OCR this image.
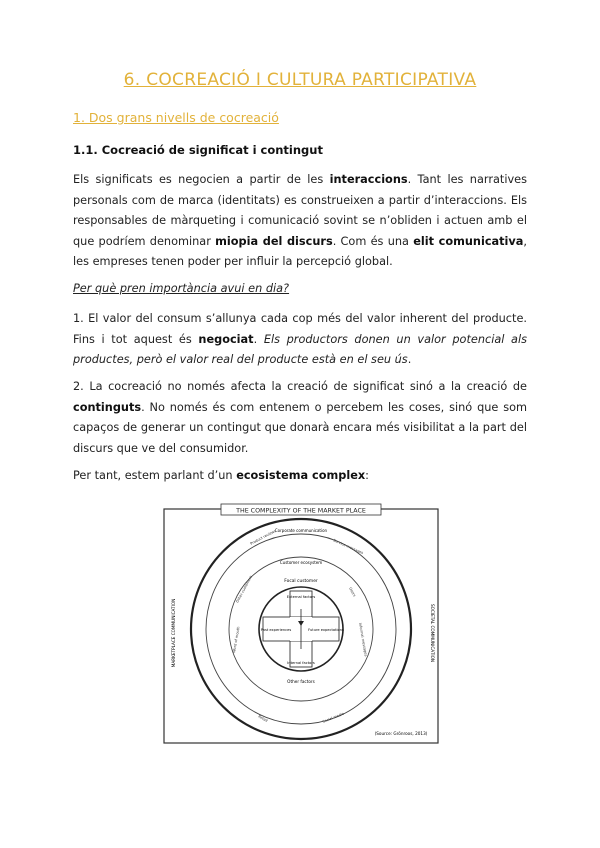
6. COCREACIÓ I CULTURA PARTICIPATIVA
1. Dos grans nivells de cocreació
1.1. Cocreació de significat i contingut
Els significats es negocien a partir de les interaccions. Tant les narratives personals com de marca (identitats) es construeixen a partir d’interaccions. Els responsables de màrqueting i comunicació sovint se n’obliden i actuen amb el que podríem denominar miopia del discurs. Com és una elit comunicativa, les empreses tenen poder per influir la percepció global.
Per què pren importància avui en dia?
1. El valor del consum s’allunya cada cop més del valor inherent del producte. Fins i tot aquest és negociat. Els productors donen un valor potencial als productes, però el valor real del producte està en el seu ús.
2. La cocreació no només afecta la creació de significat sinó a la creació de continguts. No només és com entenem o percebem les coses, sinó que som capaços de generar un contingut que donarà encara més visibilitat a la part del discurs que ve del consumidor.
Per tant, estem parlant d’un ecosistema complex:
THE COMPLEXITY OF THE MARKET PLACE
External factors
Internal factors
Past experiences	Future expectations
Focal customer
Other factors
Customer ecosystem
Corporate communication
Product reviews
Service messages
Informal messages
Word of mouth
Other customers	Users
Retail	Social media
SOCIETAL COMMUNICATION
MARKETPLACE COMMUNICATION
(Source: Grönroos, 2013)
